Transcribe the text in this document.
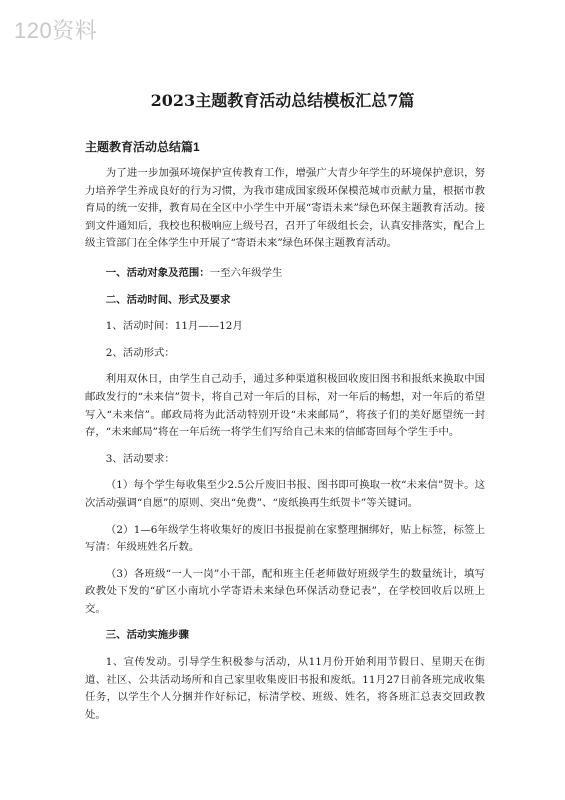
120资料
2023主题教育活动总结模板汇总7篇
主题教育活动总结篇1

为了进一步加强环境保护宣传教育工作，增强广大青少年学生的环境保护意识，努力培养学生养成良好的行为习惯，为我市建成国家级环保模范城市贡献力量，根据市教育局的统一安排，教育局在全区中小学生中开展“寄语未来”绿色环保主题教育活动。接到文件通知后，我校也积极响应上级号召，召开了年级组长会，认真安排落实，配合上级主管部门在全体学生中开展了“寄语未来”绿色环保主题教育活动。

一、活动对象及范围：一至六年级学生

二、活动时间、形式及要求

1、活动时间：11月——12月

2、活动形式：

利用双休日，由学生自己动手，通过多种渠道积极回收废旧图书和报纸来换取中国邮政发行的“未来信”贺卡，将自己对一年后的目标，对一年后的畅想，对一年后的希望写入“未来信”。邮政局将为此活动特别开设“未来邮局”，将孩子们的美好愿望统一封存，“未来邮局”将在一年后统一将学生们写给自己未来的信邮寄回每个学生手中。

3、活动要求：

（1）每个学生每收集至少2.5公斤废旧书报、图书即可换取一枚“未来信”贺卡。这次活动强调“自愿”的原则、突出“免费”、“废纸换再生纸贺卡”等关键词。

（2）1—6年级学生将收集好的废旧书报提前在家整理捆绑好，贴上标签，标签上写清：年级班姓名斤数。

（3）各班级“一人一岗”小干部，配和班主任老师做好班级学生的数量统计，填写政教处下发的“矿区小南坑小学寄语未来绿色环保活动登记表”，在学校回收后以班上交。

三、活动实施步骤

1、宣传发动。引导学生积极参与活动，从11月份开始利用节假日、星期天在街道、社区、公共活动场所和自己家里收集废旧书报和废纸。11月27日前各班完成收集任务，以学生个人分捆并作好标记，标清学校、班级、姓名，将各班汇总表交回政教处。
